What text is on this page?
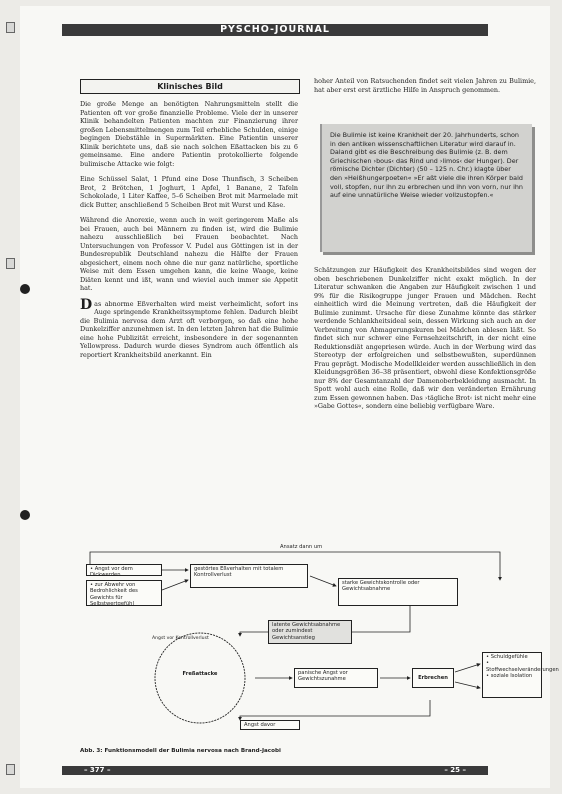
PYSCHO-JOURNAL
Klinisches Bild

Die große Menge an benötigten Nahrungsmitteln stellt die Patienten oft vor große finanzielle Probleme. Viele der in unserer Klinik behandelten Patienten machten zur Finanzierung ihrer großen Lebensmittelmengen zum Teil erhebliche Schulden, einige begingen Diebstähle in Supermärkten. Eine Patientin unserer Klinik berichtete uns, daß sie nach solchen Eßattacken bis zu 6 gemeinsame. Eine andere Patientin protokollierte folgende bulimische Attacke wie folgt:

Eine Schüssel Salat, 1 Pfund eine Dose Thunfisch, 3 Scheiben Brot, 2 Brötchen, 1 Joghurt, 1 Apfel, 1 Banane, 2 Tafeln Schokolade, 1 Liter Kaffee, 5–6 Scheiben Brot mit Marmelade mit dick Butter, anschließend 5 Scheiben Brot mit Wurst und Käse.

Während die Anorexie, wenn auch in weit geringerem Maße als bei Frauen, auch bei Männern zu finden ist, wird die Bulimie nahezu ausschließlich bei Frauen beobachtet. Nach Untersuchungen von Professor V. Pudel aus Göttingen ist in der Bundesrepublik Deutschland nahezu die Hälfte der Frauen abgesichert, einem noch ohne die nur ganz natürliche, sportliche Weise mit dem Essen umgehen kann, die keine Waage, keine Diäten kennt und ißt, wann und wieviel auch immer sie Appetit hat.

Das abnorme Eßverhalten wird meist verheimlicht, sofort ins Auge springende Krankheitssymptome fehlen. Dadurch bleibt die Bulimia nervosa dem Arzt oft verborgen, so daß eine hohe Dunkelziffer anzunehmen ist. In den letzten Jahren hat die Bulimie eine hohe Publizität erreicht, insbesondere in der sogenannten Yellowpress. Dadurch wurde dieses Syndrom auch öffentlich als reportiert Krankheitsbild anerkannt. Ein

hoher Anteil von Ratsuchenden findet seit vielen Jahren zu Bulimie, hat aber erst erst ärztliche Hilfe in Anspruch genommen.

Die Bulimie ist keine Krankheit der 20. Jahrhunderts, schon in den antiken wissenschaftlichen Literatur wird darauf in. Daland gibt es die Beschreibung des Bulimie (z. B. dem Griechischen ›bous‹ das Rind und ›limos‹ der Hunger). Der römische Dichter (Dichter) (50 – 125 n. Chr.) klagte über den »Heißhungerpoeten« »Er aßt viele die ihren Körper bald voll, stopfen, nur ihn zu erbrechen und ihn von vorn, nur ihn auf eine unnatürliche Weise wieder vollzustopfen.«

Schätzungen zur Häufigkeit des Krankheitsbildes sind wegen der oben beschriebenen Dunkelziffer nicht exakt möglich. In der Literatur schwanken die Angaben zur Häufigkeit zwischen 1 und 9% für die Risikogruppe junger Frauen und Mädchen. Recht einheitlich wird die Meinung vertreten, daß die Häufigkeit der Bulimie zunimmt. Ursache für diese Zunahme könnte das stärker werdende Schlankheitsideal sein, dessen Wirkung sich auch an der Verbreitung von Abmagerungskuren bei Mädchen ablesen läßt. So findet sich nur schwer eine Fernsehzeitschrift, in der nicht eine Reduktionsdiät angepriesen würde. Auch in der Werbung wird das Stereotyp der erfolgreichen und selbstbewußten, superdünnen Frau geprägt. Modische Modellkleider werden ausschließlich in den Kleidungsgrößen 36–38 präsentiert, obwohl diese Konfektionsgröße nur 8% der Gesamtanzahl der Damenoberbekleidung ausmacht. In Spott wohl auch eine Rolle, daß wir den veränderten Ernährung zum Essen gewonnen haben. Das ›tägliche Brot‹ ist nicht mehr eine »Gabe Gottes«, sondern eine beliebig verfügbare Ware.

Ansatz dann um
• Angst vor dem Dickwerden
• zur Abwehr von Bedrohlichkeit des Gewichts für Selbstwertgefühl
gestörtes Eßverhalten mit totalem Kontrollverlust
starke Gewichtskontrolle oder Gewichtsabnahme
latente Gewichtsabnahme oder zumindest Gewichtsanstieg
Freßattacke
Angst vor Kontrollverlust
panische Angst vor Gewichtszunahme	Erbrechen
• Schuldgefühle
• Stoffwechselveränderungen
• soziale Isolation
Angst davor
Abb. 3: Funktionsmodell der Bulimia nervosa nach Brand-Jacobi
– 377 –	– 25 –
